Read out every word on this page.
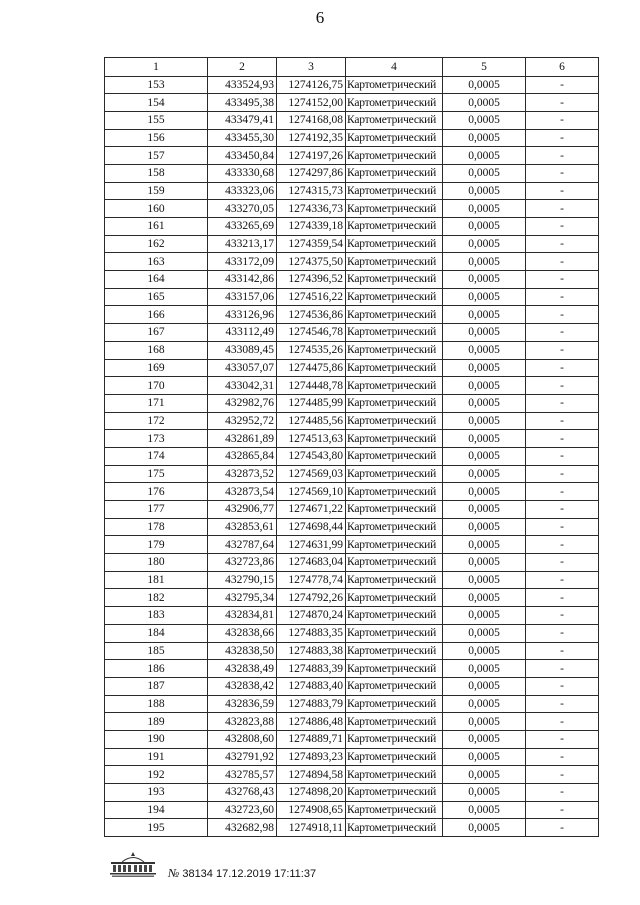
6
1	2	3	4	5	6
153	433524,93	1274126,75	Картометрический	0,0005	-
154	433495,38	1274152,00	Картометрический	0,0005	-
155	433479,41	1274168,08	Картометрический	0,0005	-
156	433455,30	1274192,35	Картометрический	0,0005	-
157	433450,84	1274197,26	Картометрический	0,0005	-
158	433330,68	1274297,86	Картометрический	0,0005	-
159	433323,06	1274315,73	Картометрический	0,0005	-
160	433270,05	1274336,73	Картометрический	0,0005	-
161	433265,69	1274339,18	Картометрический	0,0005	-
162	433213,17	1274359,54	Картометрический	0,0005	-
163	433172,09	1274375,50	Картометрический	0,0005	-
164	433142,86	1274396,52	Картометрический	0,0005	-
165	433157,06	1274516,22	Картометрический	0,0005	-
166	433126,96	1274536,86	Картометрический	0,0005	-
167	433112,49	1274546,78	Картометрический	0,0005	-
168	433089,45	1274535,26	Картометрический	0,0005	-
169	433057,07	1274475,86	Картометрический	0,0005	-
170	433042,31	1274448,78	Картометрический	0,0005	-
171	432982,76	1274485,99	Картометрический	0,0005	-
172	432952,72	1274485,56	Картометрический	0,0005	-
173	432861,89	1274513,63	Картометрический	0,0005	-
174	432865,84	1274543,80	Картометрический	0,0005	-
175	432873,52	1274569,03	Картометрический	0,0005	-
176	432873,54	1274569,10	Картометрический	0,0005	-
177	432906,77	1274671,22	Картометрический	0,0005	-
178	432853,61	1274698,44	Картометрический	0,0005	-
179	432787,64	1274631,99	Картометрический	0,0005	-
180	432723,86	1274683,04	Картометрический	0,0005	-
181	432790,15	1274778,74	Картометрический	0,0005	-
182	432795,34	1274792,26	Картометрический	0,0005	-
183	432834,81	1274870,24	Картометрический	0,0005	-
184	432838,66	1274883,35	Картометрический	0,0005	-
185	432838,50	1274883,38	Картометрический	0,0005	-
186	432838,49	1274883,39	Картометрический	0,0005	-
187	432838,42	1274883,40	Картометрический	0,0005	-
188	432836,59	1274883,79	Картометрический	0,0005	-
189	432823,88	1274886,48	Картометрический	0,0005	-
190	432808,60	1274889,71	Картометрический	0,0005	-
191	432791,92	1274893,23	Картометрический	0,0005	-
192	432785,57	1274894,58	Картометрический	0,0005	-
193	432768,43	1274898,20	Картометрический	0,0005	-
194	432723,60	1274908,65	Картометрический	0,0005	-
195	432682,98	1274918,11	Картометрический	0,0005	-
№ 38134 17.12.2019 17:11:37
